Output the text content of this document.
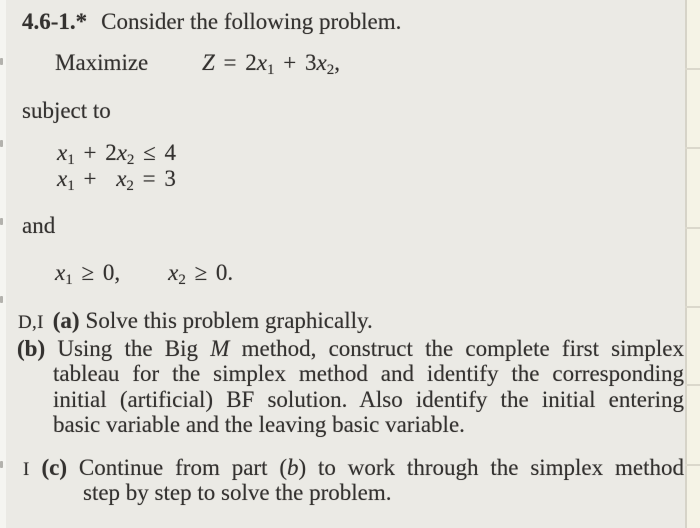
4.6-1.* Consider the following problem.
Maximize $Z = 2x_1 + 3x_2$,
subject to
$x_1 + 2x_2 \le 4$
$x_1 + x_2 = 3$
and
$x_1 \ge 0$, $x_2 \ge 0$.
D,I (a) Solve this problem graphically.
(b) Using the Big M method, construct the complete first simplex
tableau for the simplex method and identify the corresponding
initial (artificial) BF solution. Also identify the initial entering
basic variable and the leaving basic variable.
I (c) Continue from part (b) to work through the simplex method
step by step to solve the problem.
